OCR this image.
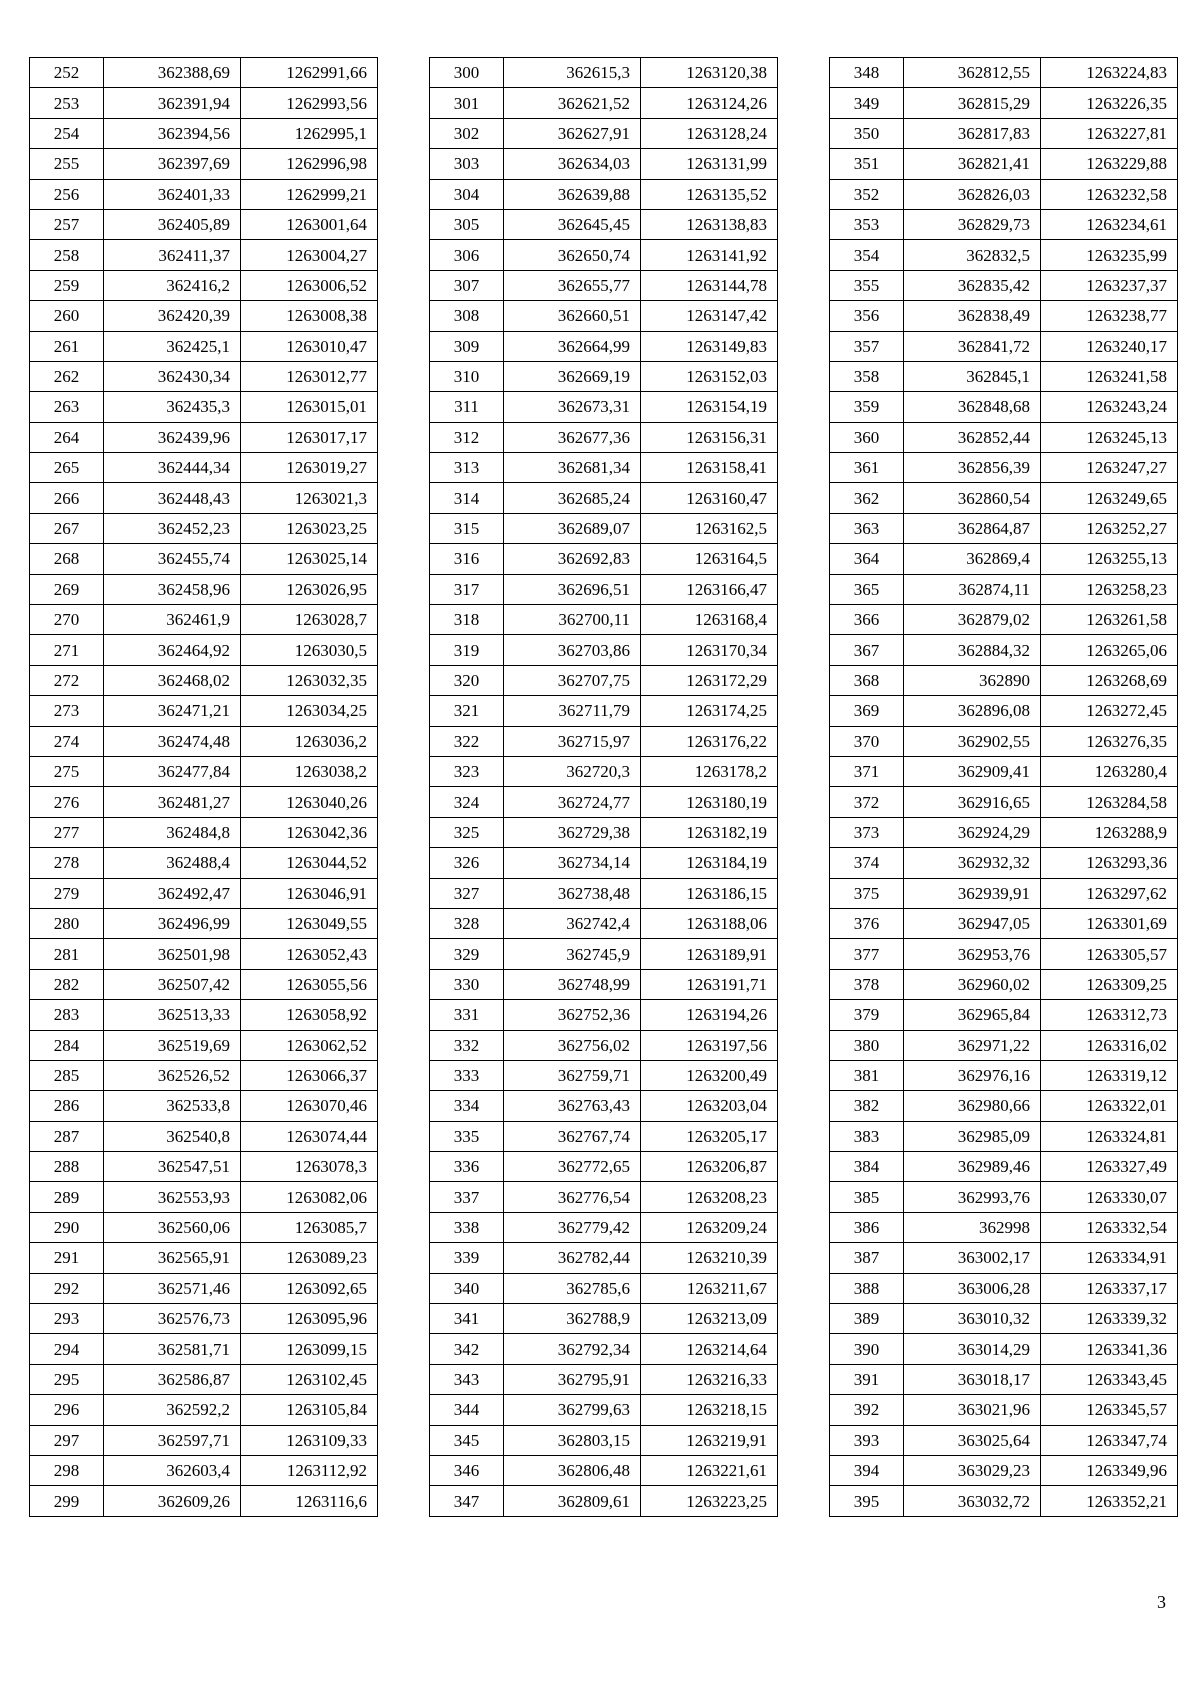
252	362388,69	1262991,66
253	362391,94	1262993,56
254	362394,56	1262995,1
255	362397,69	1262996,98
256	362401,33	1262999,21
257	362405,89	1263001,64
258	362411,37	1263004,27
259	362416,2	1263006,52
260	362420,39	1263008,38
261	362425,1	1263010,47
262	362430,34	1263012,77
263	362435,3	1263015,01
264	362439,96	1263017,17
265	362444,34	1263019,27
266	362448,43	1263021,3
267	362452,23	1263023,25
268	362455,74	1263025,14
269	362458,96	1263026,95
270	362461,9	1263028,7
271	362464,92	1263030,5
272	362468,02	1263032,35
273	362471,21	1263034,25
274	362474,48	1263036,2
275	362477,84	1263038,2
276	362481,27	1263040,26
277	362484,8	1263042,36
278	362488,4	1263044,52
279	362492,47	1263046,91
280	362496,99	1263049,55
281	362501,98	1263052,43
282	362507,42	1263055,56
283	362513,33	1263058,92
284	362519,69	1263062,52
285	362526,52	1263066,37
286	362533,8	1263070,46
287	362540,8	1263074,44
288	362547,51	1263078,3
289	362553,93	1263082,06
290	362560,06	1263085,7
291	362565,91	1263089,23
292	362571,46	1263092,65
293	362576,73	1263095,96
294	362581,71	1263099,15
295	362586,87	1263102,45
296	362592,2	1263105,84
297	362597,71	1263109,33
298	362603,4	1263112,92
299	362609,26	1263116,6
300	362615,3	1263120,38
301	362621,52	1263124,26
302	362627,91	1263128,24
303	362634,03	1263131,99
304	362639,88	1263135,52
305	362645,45	1263138,83
306	362650,74	1263141,92
307	362655,77	1263144,78
308	362660,51	1263147,42
309	362664,99	1263149,83
310	362669,19	1263152,03
311	362673,31	1263154,19
312	362677,36	1263156,31
313	362681,34	1263158,41
314	362685,24	1263160,47
315	362689,07	1263162,5
316	362692,83	1263164,5
317	362696,51	1263166,47
318	362700,11	1263168,4
319	362703,86	1263170,34
320	362707,75	1263172,29
321	362711,79	1263174,25
322	362715,97	1263176,22
323	362720,3	1263178,2
324	362724,77	1263180,19
325	362729,38	1263182,19
326	362734,14	1263184,19
327	362738,48	1263186,15
328	362742,4	1263188,06
329	362745,9	1263189,91
330	362748,99	1263191,71
331	362752,36	1263194,26
332	362756,02	1263197,56
333	362759,71	1263200,49
334	362763,43	1263203,04
335	362767,74	1263205,17
336	362772,65	1263206,87
337	362776,54	1263208,23
338	362779,42	1263209,24
339	362782,44	1263210,39
340	362785,6	1263211,67
341	362788,9	1263213,09
342	362792,34	1263214,64
343	362795,91	1263216,33
344	362799,63	1263218,15
345	362803,15	1263219,91
346	362806,48	1263221,61
347	362809,61	1263223,25
348	362812,55	1263224,83
349	362815,29	1263226,35
350	362817,83	1263227,81
351	362821,41	1263229,88
352	362826,03	1263232,58
353	362829,73	1263234,61
354	362832,5	1263235,99
355	362835,42	1263237,37
356	362838,49	1263238,77
357	362841,72	1263240,17
358	362845,1	1263241,58
359	362848,68	1263243,24
360	362852,44	1263245,13
361	362856,39	1263247,27
362	362860,54	1263249,65
363	362864,87	1263252,27
364	362869,4	1263255,13
365	362874,11	1263258,23
366	362879,02	1263261,58
367	362884,32	1263265,06
368	362890	1263268,69
369	362896,08	1263272,45
370	362902,55	1263276,35
371	362909,41	1263280,4
372	362916,65	1263284,58
373	362924,29	1263288,9
374	362932,32	1263293,36
375	362939,91	1263297,62
376	362947,05	1263301,69
377	362953,76	1263305,57
378	362960,02	1263309,25
379	362965,84	1263312,73
380	362971,22	1263316,02
381	362976,16	1263319,12
382	362980,66	1263322,01
383	362985,09	1263324,81
384	362989,46	1263327,49
385	362993,76	1263330,07
386	362998	1263332,54
387	363002,17	1263334,91
388	363006,28	1263337,17
389	363010,32	1263339,32
390	363014,29	1263341,36
391	363018,17	1263343,45
392	363021,96	1263345,57
393	363025,64	1263347,74
394	363029,23	1263349,96
395	363032,72	1263352,21
3
